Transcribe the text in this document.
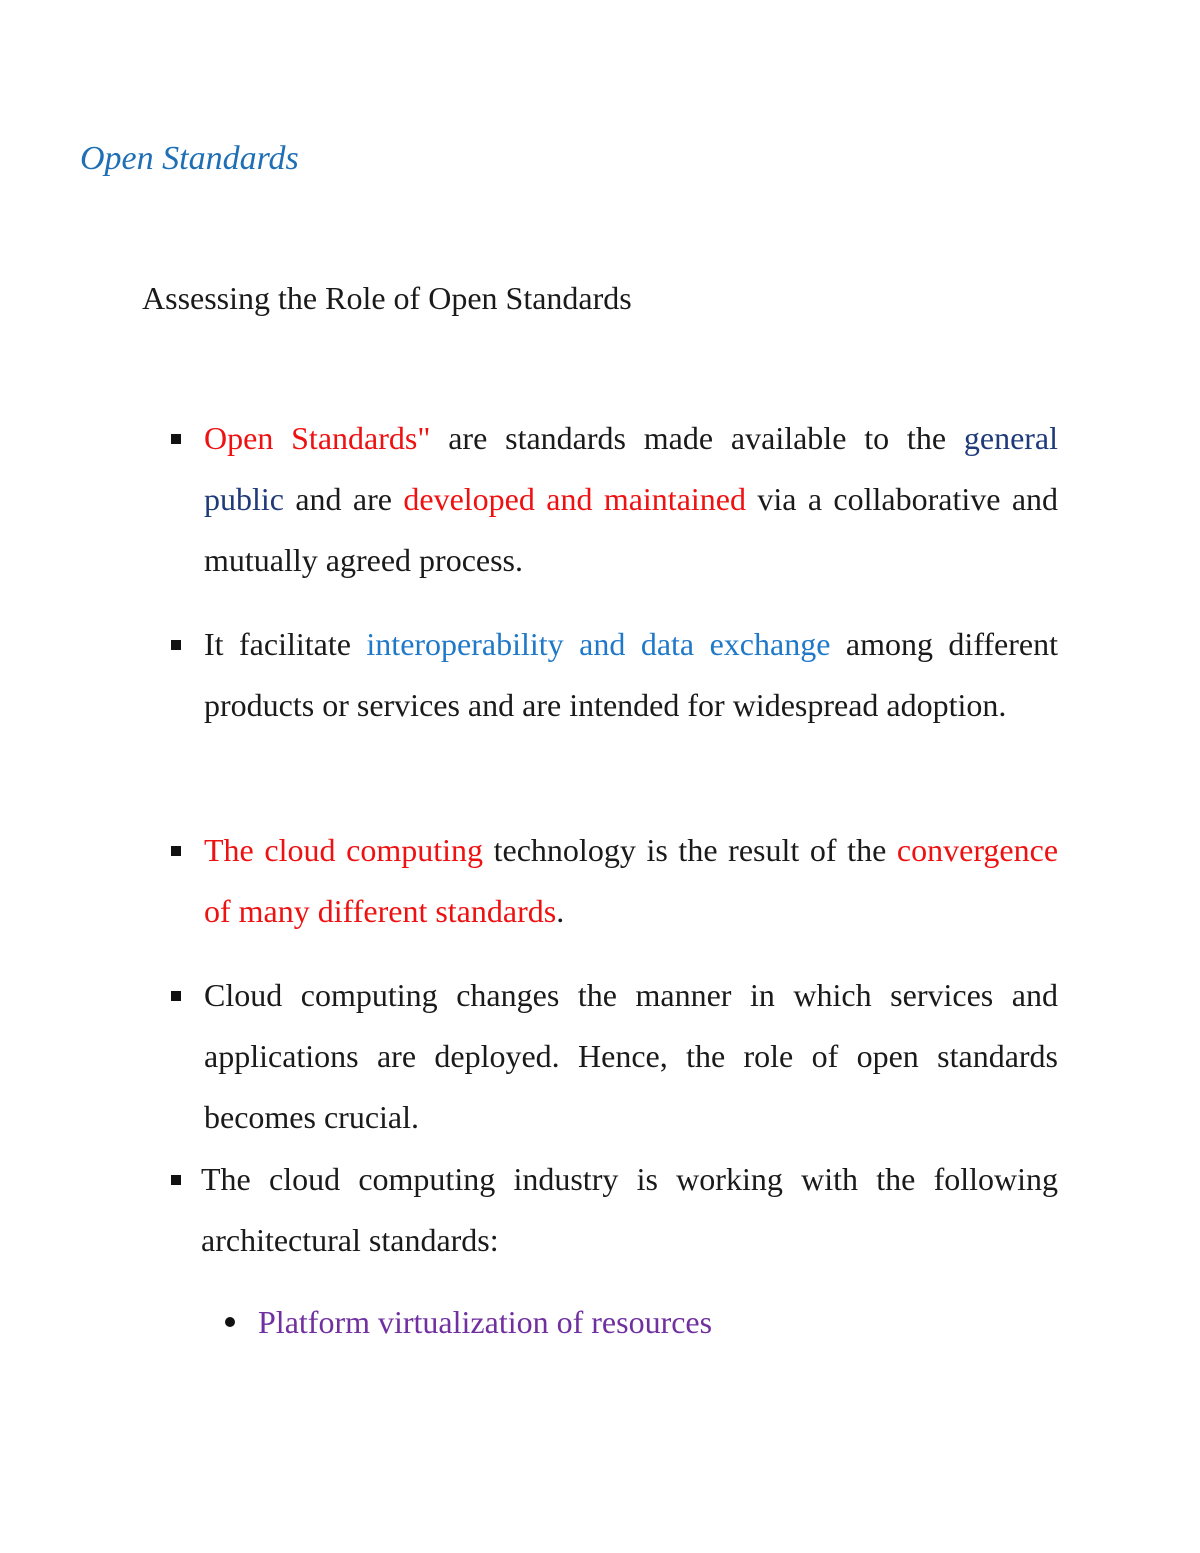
Open Standards
Assessing the Role of Open Standards
Open Standards" are standards made available to the general public and are developed and maintained via a collaborative and mutually agreed process.
It facilitate interoperability and data exchange among different products or services and are intended for widespread adoption.
The cloud computing technology is the result of the convergence of many different standards.
Cloud computing changes the manner in which services and applications are deployed. Hence, the role of open standards becomes crucial.
The cloud computing industry is working with the following architectural standards:
Platform virtualization of resources
